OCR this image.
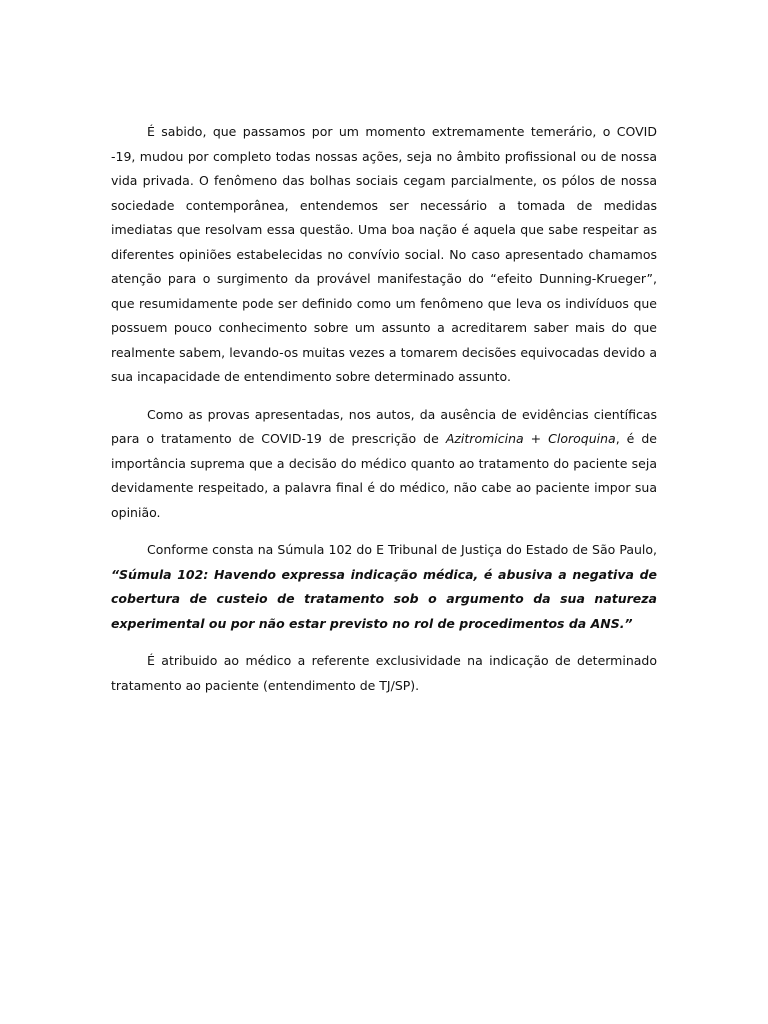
É sabido, que passamos por um momento extremamente temerário, o COVID -19, mudou por completo todas nossas ações, seja no âmbito profissional ou de nossa vida privada. O fenômeno das bolhas sociais cegam parcialmente, os pólos de nossa sociedade contemporânea, entendemos ser necessário a tomada de medidas imediatas que resolvam essa questão. Uma boa nação é aquela que sabe respeitar as diferentes opiniões estabelecidas no convívio social. No caso apresentado chamamos atenção para o surgimento da provável manifestação do “efeito Dunning-Krueger”, que resumidamente pode ser definido como um fenômeno que leva os indivíduos que possuem pouco conhecimento sobre um assunto a acreditarem saber mais do que realmente sabem, levando-os muitas vezes a tomarem decisões equivocadas devido a sua incapacidade de entendimento sobre determinado assunto.

Como as provas apresentadas, nos autos, da ausência de evidências científicas para o tratamento de COVID-19 de prescrição de Azitromicina + Cloroquina, é de importância suprema que a decisão do médico quanto ao tratamento do paciente seja devidamente respeitado, a palavra final é do médico, não cabe ao paciente impor sua opinião.

Conforme consta na Súmula 102 do E Tribunal de Justiça do Estado de São Paulo, “Súmula 102: Havendo expressa indicação médica, é abusiva a negativa de cobertura de custeio de tratamento sob o argumento da sua natureza experimental ou por não estar previsto no rol de procedimentos da ANS.”

É atribuido ao médico a referente exclusividade na indicação de determinado tratamento ao paciente (entendimento de TJ/SP).
